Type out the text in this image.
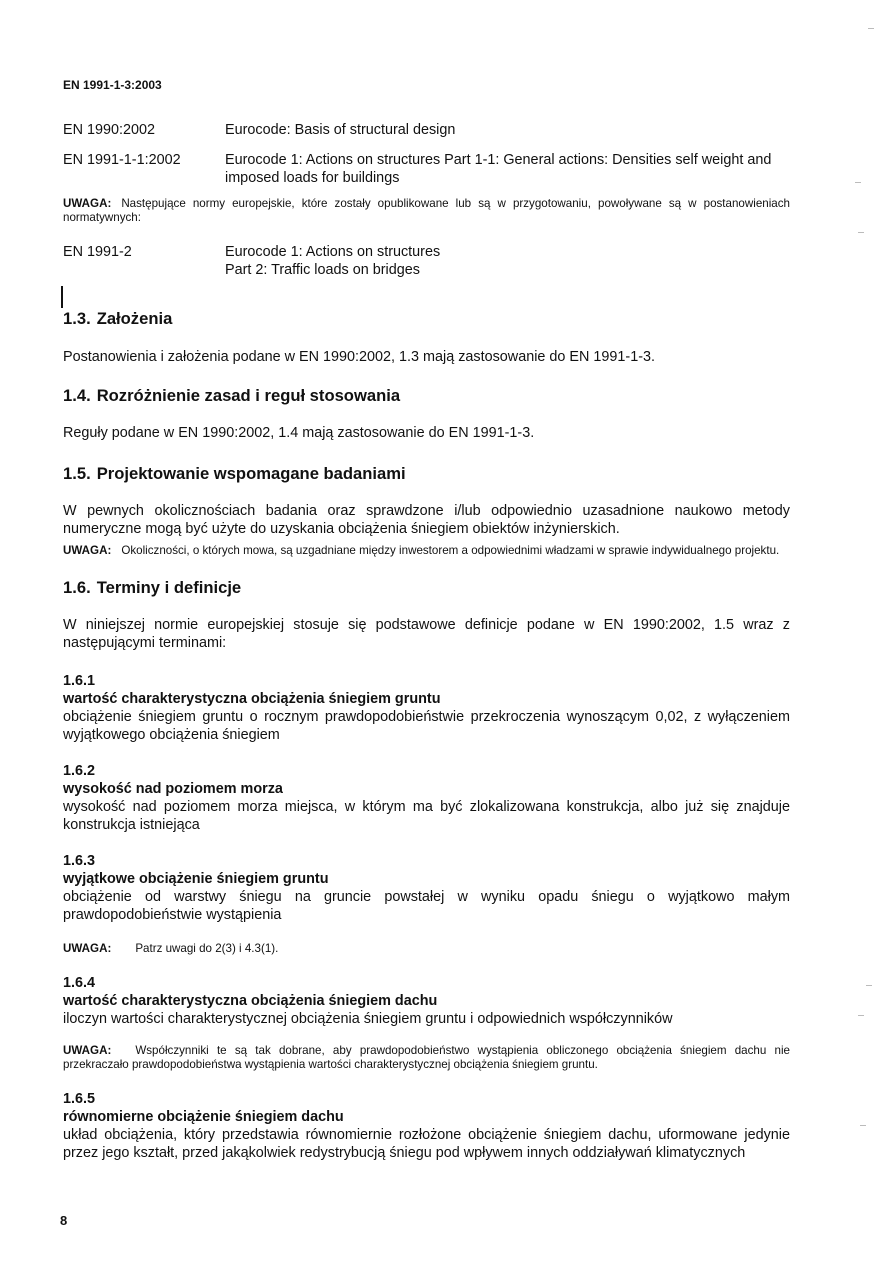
EN 1991-1-3:2003
EN 1990:2002	Eurocode: Basis of structural design
EN 1991-1-1:2002	Eurocode 1: Actions on structures Part 1-1: General actions: Densities self weight and imposed loads for buildings

UWAGA: Następujące normy europejskie, które zostały opublikowane lub są w przygotowaniu, powoływane są w postanowieniach normatywnych:

EN 1991-2	Eurocode 1: Actions on structures
Part 2: Traffic loads on bridges
1.3. Założenia

Postanowienia i założenia podane w EN 1990:2002, 1.3 mają zastosowanie do EN 1991-1-3.

1.4. Rozróżnienie zasad i reguł stosowania

Reguły podane w EN 1990:2002, 1.4 mają zastosowanie do EN 1991-1-3.

1.5. Projektowanie wspomagane badaniami

W pewnych okolicznościach badania oraz sprawdzone i/lub odpowiednio uzasadnione naukowo metody numeryczne mogą być użyte do uzyskania obciążenia śniegiem obiektów inżynierskich.

UWAGA: Okoliczności, o których mowa, są uzgadniane między inwestorem a odpowiednimi władzami w sprawie indywidualnego projektu.

1.6. Terminy i definicje

W niniejszej normie europejskiej stosuje się podstawowe definicje podane w EN 1990:2002, 1.5 wraz z następującymi terminami:

1.6.1
wartość charakterystyczna obciążenia śniegiem gruntu

obciążenie śniegiem gruntu o rocznym prawdopodobieństwie przekroczenia wynoszącym 0,02, z wyłączeniem wyjątkowego obciążenia śniegiem

1.6.2
wysokość nad poziomem morza

wysokość nad poziomem morza miejsca, w którym ma być zlokalizowana konstrukcja, albo już się znajduje konstrukcja istniejąca

1.6.3
wyjątkowe obciążenie śniegiem gruntu

obciążenie od warstwy śniegu na gruncie powstałej w wyniku opadu śniegu o wyjątkowo małym prawdopodobieństwie wystąpienia

UWAGA: Patrz uwagi do 2(3) i 4.3(1).

1.6.4
wartość charakterystyczna obciążenia śniegiem dachu

iloczyn wartości charakterystycznej obciążenia śniegiem gruntu i odpowiednich współczynników

UWAGA: Współczynniki te są tak dobrane, aby prawdopodobieństwo wystąpienia obliczonego obciążenia śniegiem dachu nie przekraczało prawdopodobieństwa wystąpienia wartości charakterystycznej obciążenia śniegiem gruntu.

1.6.5
równomierne obciążenie śniegiem dachu

układ obciążenia, który przedstawia równomiernie rozłożone obciążenie śniegiem dachu, uformowane jedynie przez jego kształt, przed jakąkolwiek redystrybucją śniegu pod wpływem innych oddziaływań klimatycznych

8
